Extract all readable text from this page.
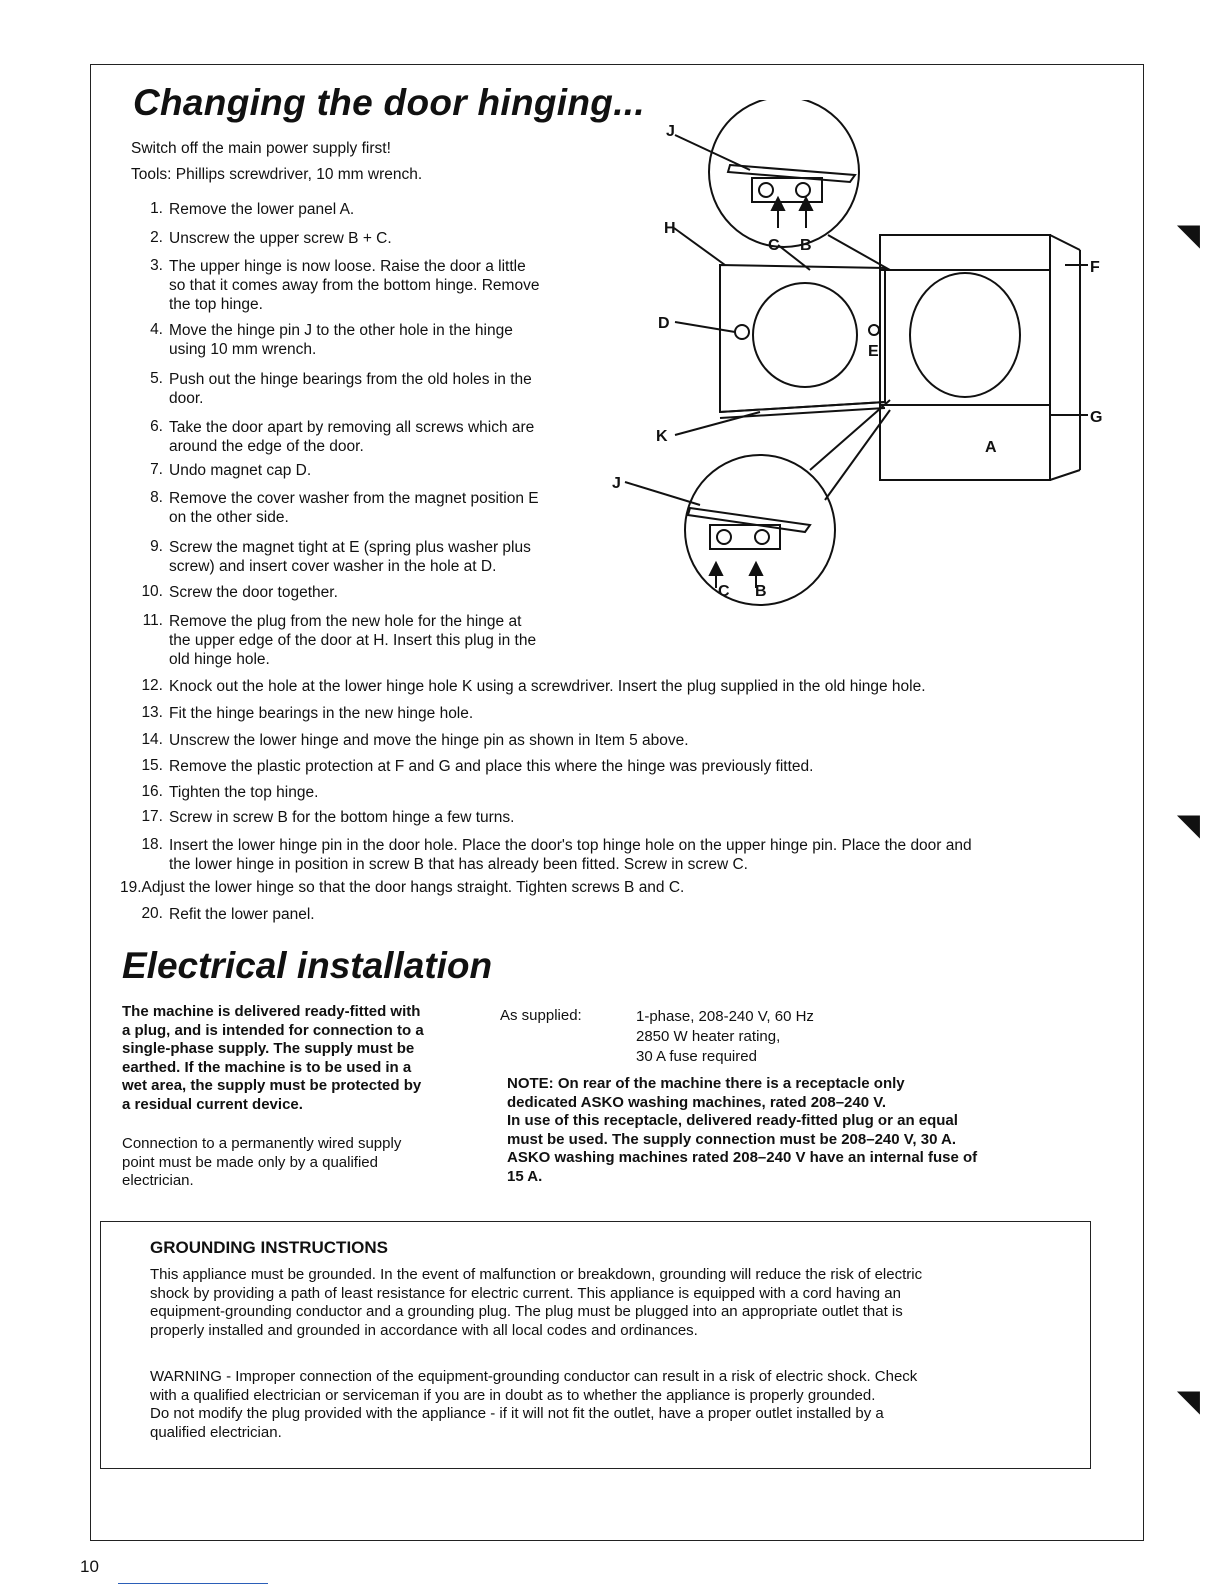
Changing the door hinging...
Switch off the main power supply first!
Tools: Phillips screwdriver, 10 mm wrench.
1. Remove the lower panel A.
2. Unscrew the upper screw B + C.
3. The upper hinge is now loose. Raise the door a little
so that it comes away from the bottom hinge. Remove
the top hinge.
4. Move the hinge pin J to the other hole in the hinge
using 10 mm wrench.
5. Push out the hinge bearings from the old holes in the
door.
6. Take the door apart by removing all screws which are
around the edge of the door.
7. Undo magnet cap D.
8. Remove the cover washer from the magnet position E
on the other side.
9. Screw the magnet tight at E (spring plus washer plus
screw) and insert cover washer in the hole at D.
10. Screw the door together.
11. Remove the plug from the new hole for the hinge at
the upper edge of the door at H. Insert this plug in the
old hinge hole.
12. Knock out the hole at the lower hinge hole K using a screwdriver. Insert the plug supplied in the old hinge hole.
13. Fit the hinge bearings in the new hinge hole.
14. Unscrew the lower hinge and move the hinge pin as shown in Item 5 above.
15. Remove the plastic protection at F and G and place this where the hinge was previously fitted.
16. Tighten the top hinge.
17. Screw in screw B for the bottom hinge a few turns.
18. Insert the lower hinge pin in the door hole. Place the door's top hinge hole on the upper hinge pin. Place the door and
the lower hinge in position in screw B that has already been fitted. Screw in screw C.
19.Adjust the lower hinge so that the door hangs straight. Tighten screws B and C.
20. Refit the lower panel.
J
H
D
K
J
C B
C B
E
F
G
A
Electrical installation
The machine is delivered ready-fitted with
a plug, and is intended for connection to a
single-phase supply. The supply must be
earthed. If the machine is to be used in a
wet area, the supply must be protected by
a residual current device.
Connection to a permanently wired supply
point must be made only by a qualified
electrician.
As supplied:	1-phase, 208-240 V, 60 Hz
2850 W heater rating,
30 A fuse required
NOTE: On rear of the machine there is a receptacle only
dedicated ASKO washing machines, rated 208–240 V.
In use of this receptacle, delivered ready-fitted plug or an equal
must be used. The supply connection must be 208–240 V, 30 A.
ASKO washing machines rated 208–240 V have an internal fuse of
15 A.
GROUNDING INSTRUCTIONS
This appliance must be grounded. In the event of malfunction or breakdown, grounding will reduce the risk of electric
shock by providing a path of least resistance for electric current. This appliance is equipped with a cord having an
equipment-grounding conductor and a grounding plug. The plug must be plugged into an appropriate outlet that is
properly installed and grounded in accordance with all local codes and ordinances.
WARNING - Improper connection of the equipment-grounding conductor can result in a risk of electric shock. Check
with a qualified electrician or serviceman if you are in doubt as to whether the appliance is properly grounded.
Do not modify the plug provided with the appliance - if it will not fit the outlet, have a proper outlet installed by a
qualified electrician.
10
◥
◥
◥
